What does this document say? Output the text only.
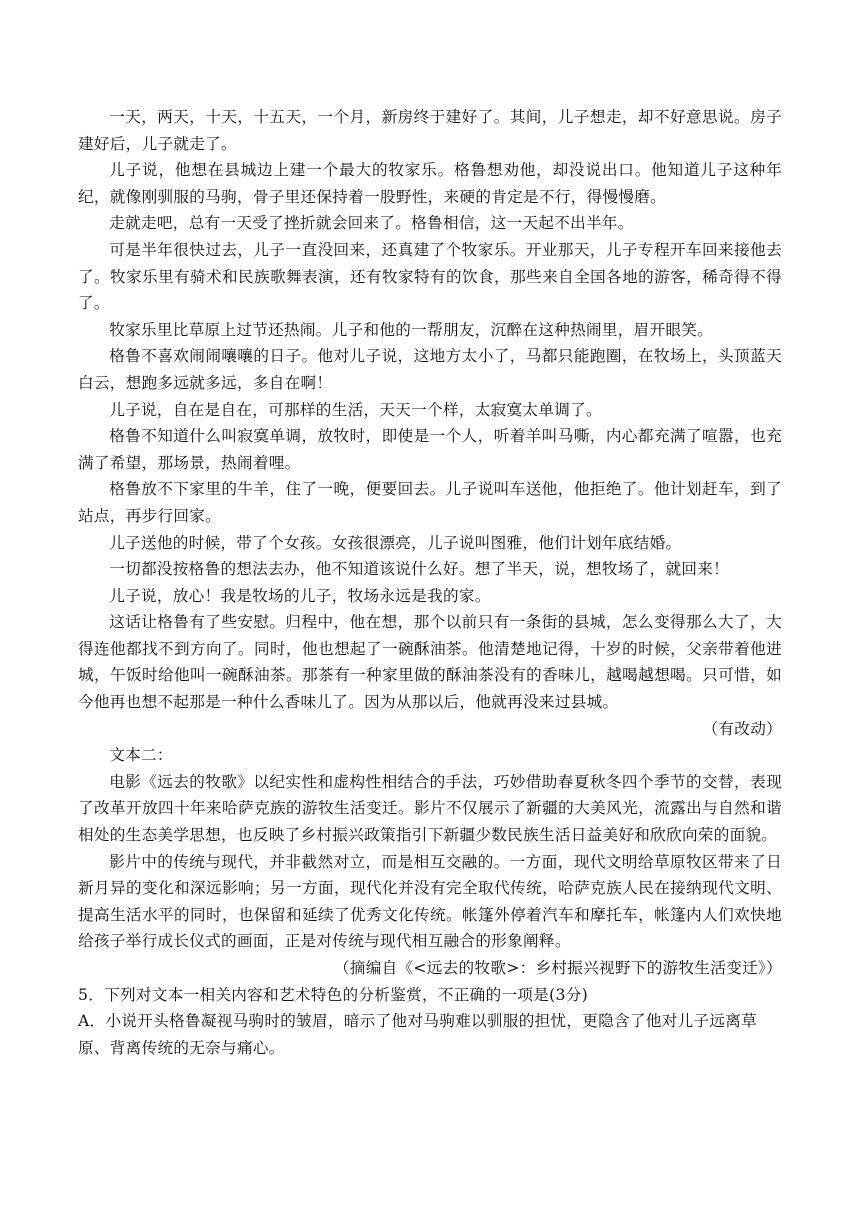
一天，两天，十天，十五天，一个月，新房终于建好了。其间，儿子想走，却不好意思说。房子建好后，儿子就走了。

儿子说，他想在县城边上建一个最大的牧家乐。格鲁想劝他，却没说出口。他知道儿子这种年纪，就像刚驯服的马驹，骨子里还保持着一股野性，来硬的肯定是不行，得慢慢磨。

走就走吧，总有一天受了挫折就会回来了。格鲁相信，这一天起不出半年。

可是半年很快过去，儿子一直没回来，还真建了个牧家乐。开业那天，儿子专程开车回来接他去了。牧家乐里有骑术和民族歌舞表演，还有牧家特有的饮食，那些来自全国各地的游客，稀奇得不得了。

牧家乐里比草原上过节还热闹。儿子和他的一帮朋友，沉醉在这种热闹里，眉开眼笑。

格鲁不喜欢闹闹嚷嚷的日子。他对儿子说，这地方太小了，马都只能跑圈，在牧场上，头顶蓝天白云，想跑多远就多远，多自在啊！

儿子说，自在是自在，可那样的生活，天天一个样，太寂寞太单调了。

格鲁不知道什么叫寂寞单调，放牧时，即使是一个人，听着羊叫马嘶，内心都充满了喧嚣，也充满了希望，那场景，热闹着哩。

格鲁放不下家里的牛羊，住了一晚，便要回去。儿子说叫车送他，他拒绝了。他计划赶车，到了站点，再步行回家。

儿子送他的时候，带了个女孩。女孩很漂亮，儿子说叫图雅，他们计划年底结婚。

一切都没按格鲁的想法去办，他不知道该说什么好。想了半天，说，想牧场了，就回来！

儿子说，放心！我是牧场的儿子，牧场永远是我的家。

这话让格鲁有了些安慰。归程中，他在想，那个以前只有一条街的县城，怎么变得那么大了，大得连他都找不到方向了。同时，他也想起了一碗酥油茶。他清楚地记得，十岁的时候，父亲带着他进城，午饭时给他叫一碗酥油茶。那茶有一种家里做的酥油茶没有的香味儿，越喝越想喝。只可惜，如今他再也想不起那是一种什么香味儿了。因为从那以后，他就再没来过县城。

（有改动）

文本二：

电影《远去的牧歌》以纪实性和虚构性相结合的手法，巧妙借助春夏秋冬四个季节的交替，表现了改革开放四十年来哈萨克族的游牧生活变迁。影片不仅展示了新疆的大美风光，流露出与自然和谐相处的生态美学思想，也反映了乡村振兴政策指引下新疆少数民族生活日益美好和欣欣向荣的面貌。

影片中的传统与现代，并非截然对立，而是相互交融的。一方面，现代文明给草原牧区带来了日新月异的变化和深远影响；另一方面，现代化并没有完全取代传统，哈萨克族人民在接纳现代文明、提高生活水平的同时，也保留和延续了优秀文化传统。帐篷外停着汽车和摩托车，帐篷内人们欢快地给孩子举行成长仪式的画面，正是对传统与现代相互融合的形象阐释。

（摘编自《<远去的牧歌>：乡村振兴视野下的游牧生活变迁》）

5．下列对文本一相关内容和艺术特色的分析鉴赏，不正确的一项是(3分)

A．小说开头格鲁凝视马驹时的皱眉，暗示了他对马驹难以驯服的担忧，更隐含了他对儿子远离草原、背离传统的无奈与痛心。
